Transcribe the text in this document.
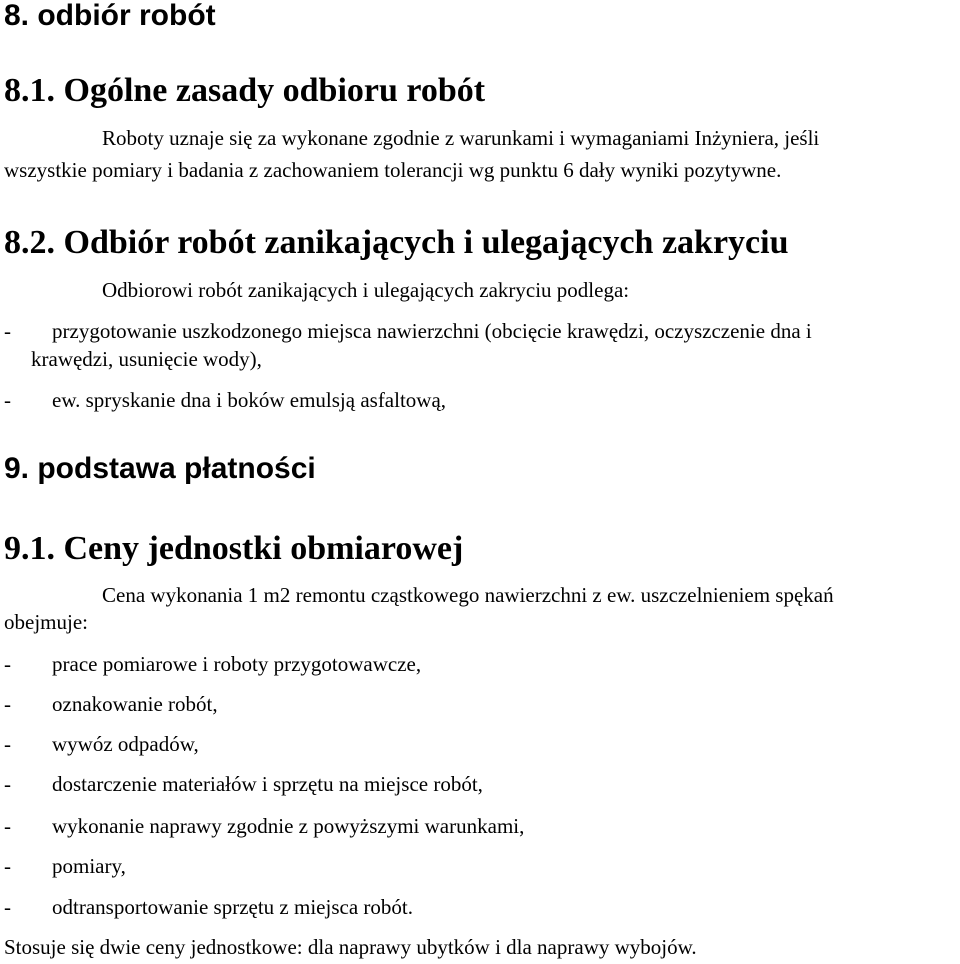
8. odbiór robót
8.1. Ogólne zasady odbioru robót
Roboty uznaje się za wykonane zgodnie z warunkami i wymaganiami Inżyniera, jeśli
wszystkie pomiary i badania z zachowaniem tolerancji wg punktu 6 dały wyniki pozytywne.
8.2. Odbiór robót zanikających i ulegających zakryciu
Odbiorowi robót zanikających i ulegających zakryciu podlega:
- przygotowanie uszkodzonego miejsca nawierzchni (obcięcie krawędzi, oczyszczenie dna i
krawędzi, usunięcie wody),
- ew. spryskanie dna i boków emulsją asfaltową,
9. podstawa płatności
9.1. Ceny jednostki obmiarowej
Cena wykonania 1 m2 remontu cząstkowego nawierzchni z ew. uszczelnieniem spękań
obejmuje:
- prace pomiarowe i roboty przygotowawcze,
- oznakowanie robót,
- wywóz odpadów,
- dostarczenie materiałów i sprzętu na miejsce robót,
- wykonanie naprawy zgodnie z powyższymi warunkami,
- pomiary,
- odtransportowanie sprzętu z miejsca robót.
Stosuje się dwie ceny jednostkowe: dla naprawy ubytków i dla naprawy wybojów.
